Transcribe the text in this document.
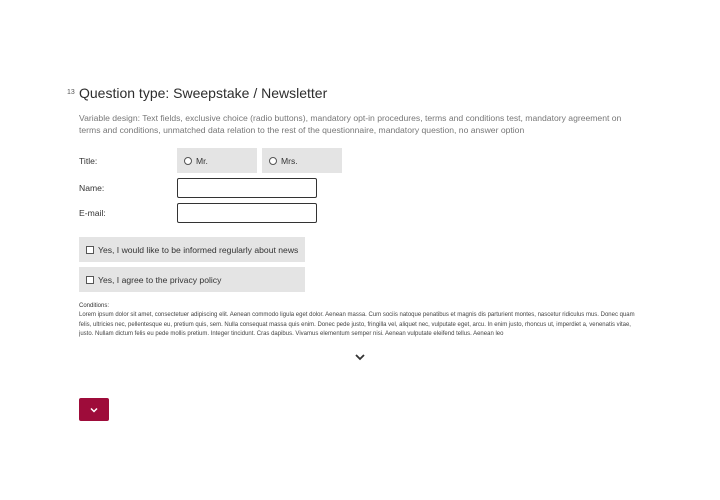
13 Question type: Sweepstake / Newsletter
Variable design: Text fields, exclusive choice (radio buttons), mandatory opt-in procedures, terms and conditions test, mandatory agreement on terms and conditions, unmatched data relation to the rest of the questionnaire, mandatory question, no answer option
Title:	Mr.	Mrs.
Name:
E-mail:
Yes, I would like to be informed regularly about news
Yes, I agree to the privacy policy
Conditions:
Lorem ipsum dolor sit amet, consectetuer adipiscing elit. Aenean commodo ligula eget dolor. Aenean massa. Cum sociis natoque penatibus et magnis dis parturient montes, nascetur ridiculus mus. Donec quam felis, ultricies nec, pellentesque eu, pretium quis, sem. Nulla consequat massa quis enim. Donec pede justo, fringilla vel, aliquet nec, vulputate eget, arcu. In enim justo, rhoncus ut, imperdiet a, venenatis vitae, justo. Nullam dictum felis eu pede mollis pretium. Integer tincidunt. Cras dapibus. Vivamus elementum semper nisi. Aenean vulputate eleifend tellus. Aenean leo
